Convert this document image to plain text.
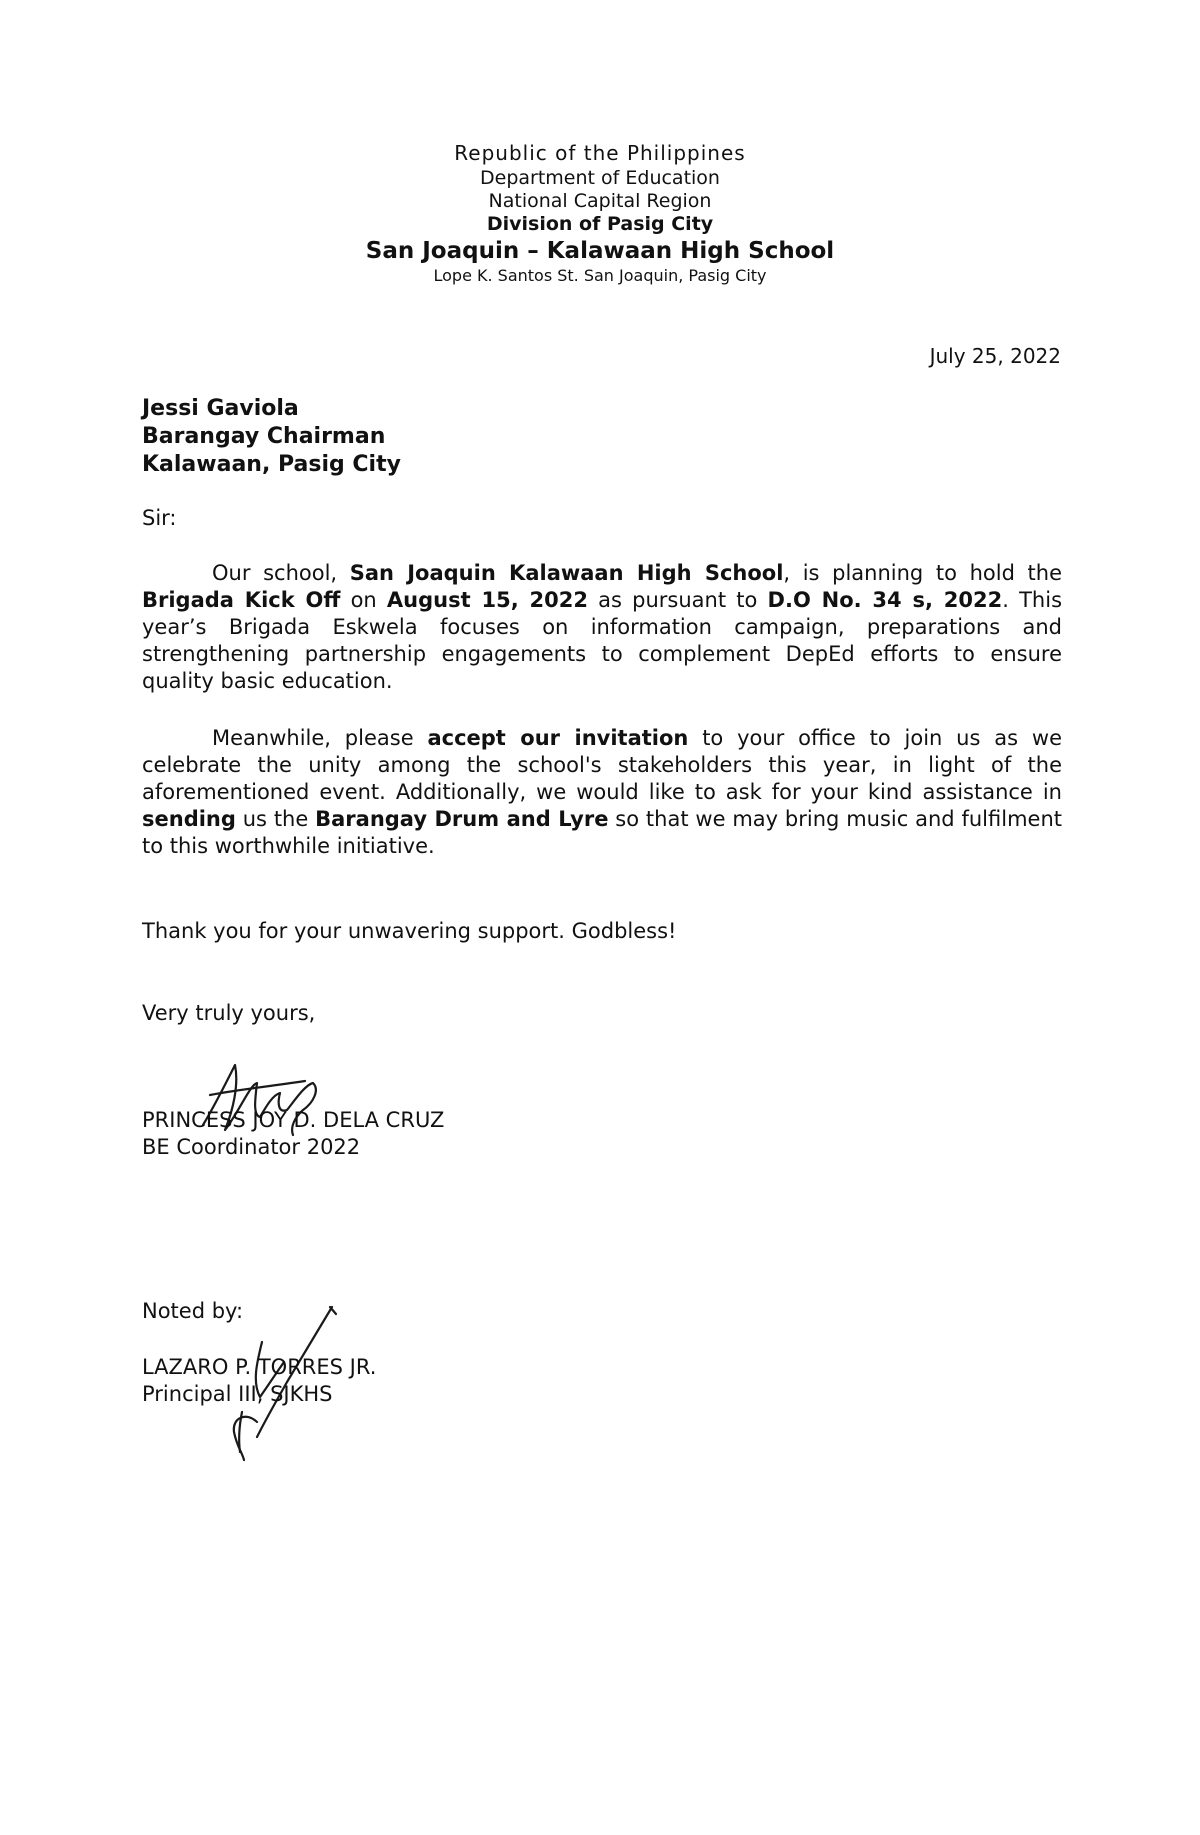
Republic of the Philippines
Department of Education
National Capital Region
Division of Pasig City
San Joaquin – Kalawaan High School
Lope K. Santos St. San Joaquin, Pasig City
July 25, 2022
Jessi Gaviola
Barangay Chairman
Kalawaan, Pasig City
Sir:

Our school, San Joaquin Kalawaan High School, is planning to hold the Brigada Kick Off on August 15, 2022 as pursuant to D.O No. 34 s, 2022. This year’s Brigada Eskwela focuses on information campaign, preparations and strengthening partnership engagements to complement DepEd efforts to ensure quality basic education.

Meanwhile, please accept our invitation to your office to join us as we celebrate the unity among the school's stakeholders this year, in light of the aforementioned event. Additionally, we would like to ask for your kind assistance in sending us the Barangay Drum and Lyre so that we may bring music and fulfilment to this worthwhile initiative.

Thank you for your unwavering support. Godbless!
Very truly yours,
PRINCESS JOY D. DELA CRUZ
BE Coordinator 2022
Noted by:
LAZARO P. TORRES JR.
Principal III, SJKHS
